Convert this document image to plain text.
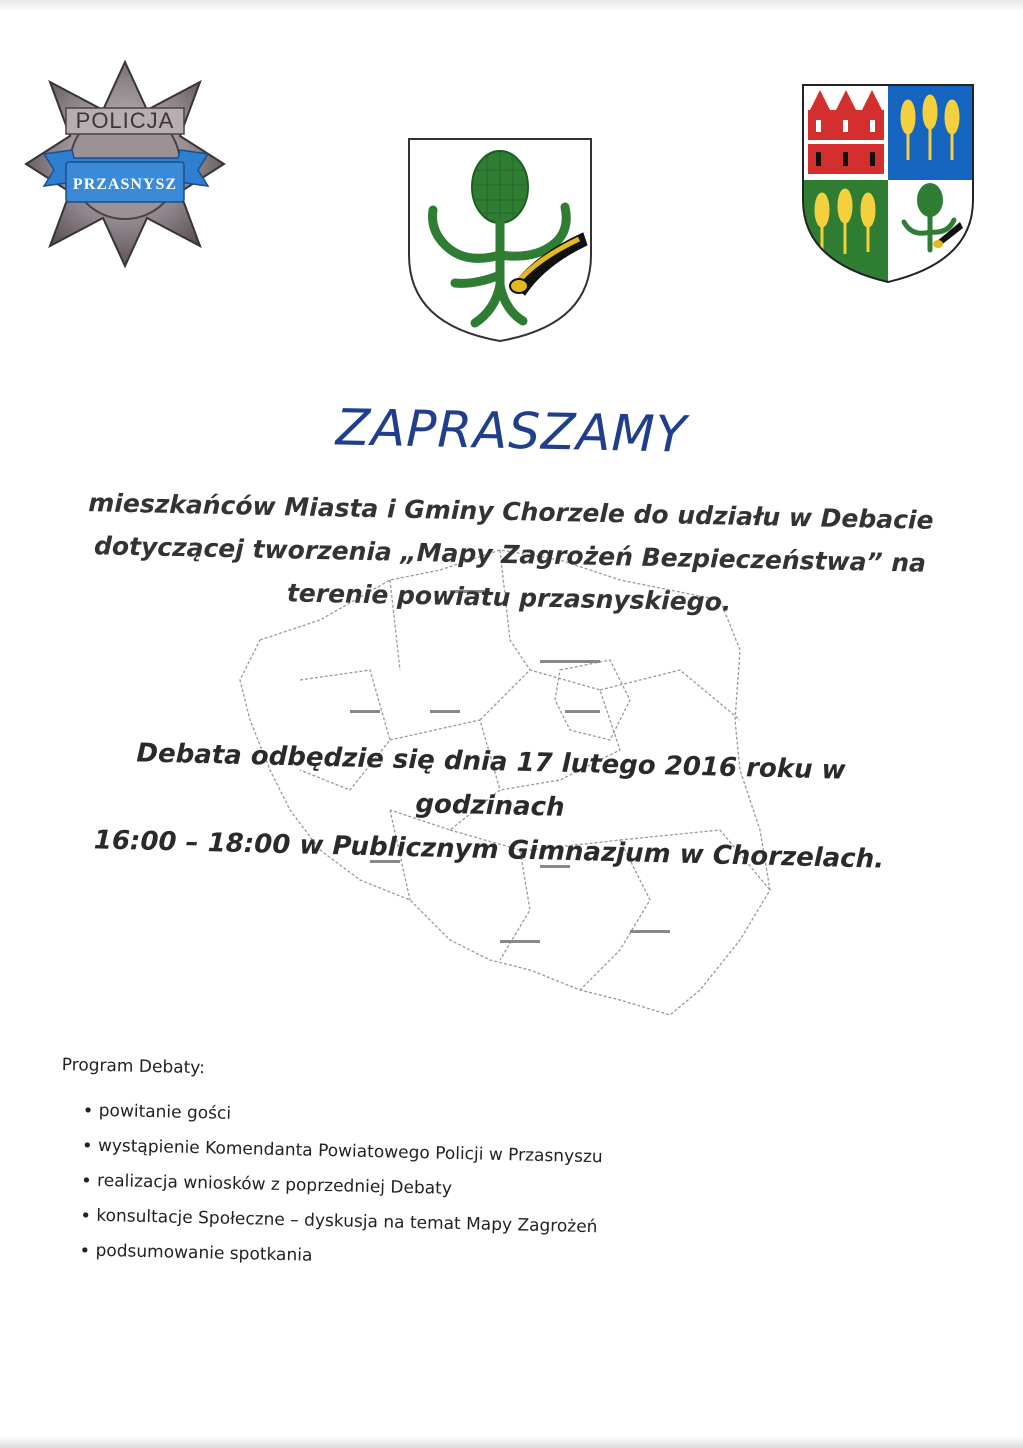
POLICJA
PRZASNYSZ
ZAPRASZAMY
mieszkańców Miasta i Gminy Chorzele do udziału w Debacie
dotyczącej tworzenia „Mapy Zagrożeń Bezpieczeństwa” na
terenie powiatu przasnyskiego.
Debata odbędzie się dnia 17 lutego 2016 roku w godzinach
16:00 – 18:00 w Publicznym Gimnazjum w Chorzelach.
Program Debaty:
• powitanie gości
• wystąpienie Komendanta Powiatowego Policji w Przasnyszu
• realizacja wniosków z poprzedniej Debaty
• konsultacje Społeczne – dyskusja na temat Mapy Zagrożeń
• podsumowanie spotkania
